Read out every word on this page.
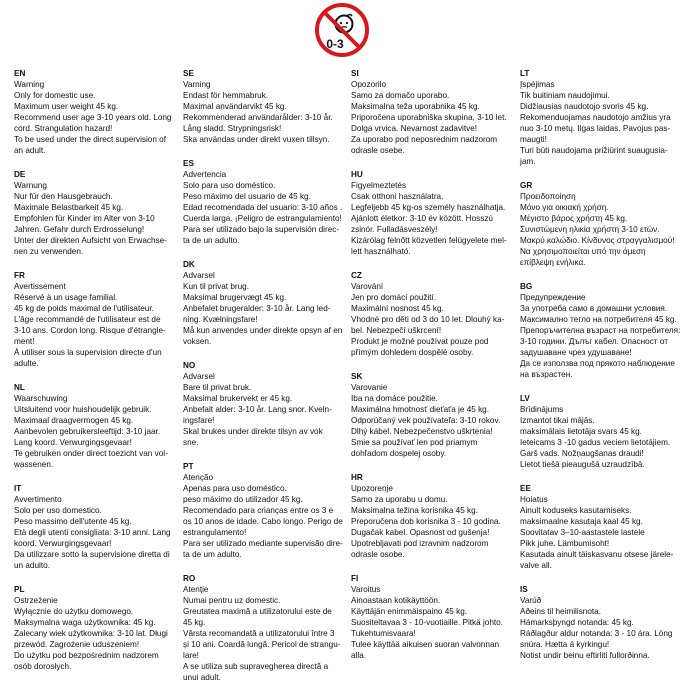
0-3
EN
Warning
Only for domestic use.
Maximum user weight 45 kg.
Recommend user age 3-10 years old. Long
cord. Strangulation hazard!
To be used under the direct supervision of
an adult.
DE
Warnung
Nur für den Hausgebrauch.
Maximale Belastbarkeit 45 kg.
Empfohlen für Kinder im Alter von 3-10
Jahren. Gefahr durch Erdrosselung!
Unter der direkten Aufsicht von Erwachse-
nen zu verwenden.
FR
Avertissement
Réservé à un usage familial.
45 kg de poids maximal de l'utilisateur.
L'âge recommandé de l'utilisateur est de
3-10 ans. Cordon long. Risque d'étrangle-
ment!
À utiliser sous la supervision directe d'un
adulte.
NL
Waarschuwing
Uitsluitend voor huishoudelijk gebruik.
Maximaal draagvermogen 45 kg.
Aanbevolen gebruikersleeftijd: 3-10 jaar.
Lang koord. Verwurgingsgevaar!
Te gebruiken onder direct toezicht van vol-
wassenen.
IT
Avvertimento
Solo per uso domestico.
Peso massimo dell'utente 45 kg.
Età degli utenti consigliata: 3-10 anni. Lang
koord. Verwurgingsgevaar!
Da utilizzare sotto la supervisione diretta di
un adulto.
PL
Ostrzeżenie
Wyłącznie do użytku domowego.
Maksymalna waga użytkownika: 45 kg.
Zalecany wiek użytkownika: 3-10 lat. Długi
przewód. Zagrożenie uduszeniem!
Do użytku pod bezpośrednim nadzorem
osób dorosłych.
SE
Varning
Endast för hemmabruk.
Maximal användarvikt 45 kg.
Rekommenderad användarålder: 3-10 år.
Lång sladd. Strypningsrisk!
Ska användas under direkt vuxen tillsyn.
ES
Advertencia
Solo para uso doméstico.
Peso máximo del usuario de 45 kg.
Edad recomendada del usuario: 3-10 años .
Cuerda larga. ¡Peligro de estrangulamiento!
Para ser utilizado bajo la supervisión direc-
ta de un adulto.
DK
Advarsel
Kun til privat brug.
Maksimal brugervægt 45 kg.
Anbefalet brugeralder: 3-10 år. Lang led-
ning. Kvælningsfare!
Må kun anvendes under direkte opsyn af en
voksen.
NO
Advarsel
Bare til privat bruk.
Maksimal brukervekt er 45 kg.
Anbefalt alder: 3-10 år. Lang snor. Kveln-
ingsfare!
Skal brukes under direkte tilsyn av vok
sne.
PT
Atenção
Apenas para uso doméstico.
peso máximo do utilizador 45 kg.
Recomendado para crianças entre os 3 e
os 10 anos de idade. Cabo longo. Perigo de
estrangulamento!
Para ser utilizado mediante supervisão dire-
ta de um adulto.
RO
Atenție
Numai pentru uz domestic.
Greutatea maximă a utilizatorului este de
45 kg.
Vârsta recomandată a utilizatorului între 3
și 10 ani. Coardă lungă. Pericol de strangu-
lare!
A se utiliza sub supravegherea directă a
unui adult.
SI
Opozorilo
Samo za domačo uporabo.
Maksimalna teža uporabnika 45 kg.
Priporočena uporabniška skupina, 3-10 let.
Dolga vrvica. Nevarnost zadavitve!
Za uporabo pod neposrednim nadzorom
odrasle osebe.
HU
Figyelmeztetés
Csak otthoni használatra.
Legfeljebb 45 kg-os személy használhatja.
Ajánlott életkor: 3-10 év között. Hosszú
zsinór. Fulladásveszély!
Kizárólag felnőtt közvetlen felügyelete mel-
lett használható.
CZ
Varování
Jen pro domácí použití.
Maximální nosnost 45 kg.
Vhodné pro děti od 3 do 10 let. Dlouhý ka-
bel. Nebezpečí uškrcení!
Produkt je možné používat pouze pod
přímým dohledem dospělé osoby.
SK
Varovanie
Iba na domáce použitie.
Maximálna hmotnosť dieťaťa je 45 kg.
Odporúčaný vek používateľa: 3-10 rokov.
Dlhý kábel. Nebezpečenstvo uškrtenia!
Smie sa používať len pod priamym
dohľadom dospelej osoby.
HR
Upozorenje
Samo za uporabu u domu.
Maksimalna težina korisnika 45 kg.
Preporučena dob korisnika 3 - 10 godina.
Dugačak kabel. Opasnost od gušenja!
Upotrebljavati pod izravnim nadzorom
odrasle osobe.
FI
Varoitus
Ainoastaan kotikäyttöön.
Käyttäjän enimmäispaino 45 kg.
Suositeltavaa 3 - 10-vuotiaille. Pitkä johto.
Tukehtumisvaara!
Tulee käyttää aikuisen suoran valvonnan
alla.
LT
Įspėjimas
Tik buitiniam naudojimui.
Didžiausias naudotojo svoris 45 kg.
Rekomenduojamas naudotojo amžius yra
nuo 3-10 metų. Ilgas laidas. Pavojus pas-
maugti!
Turi būti naudojama prižiūrint suaugusia-
jam.
GR
Προειδοποίηση
Μόνο για οικιακή χρήση.
Μέγιστο βάρος χρήστη 45 kg.
Συνιστώμενη ηλικία χρήστη 3-10 ετών.
Μακρύ καλώδιο. Κίνδυνος στραγγαλισμού!
Να χρησιμοποιείται υπό την άμεση
επίβλεψη ενήλικα.
BG
Предупреждение
За употреба само в домашни условия.
Максимално тегло на потребителя 45 kg.
Препоръчителна възраст на потребителя:
3-10 години. Дълъг кабел. Опасност от
задушаване чрез удушаване!
Да се използва под прякото наблюдение
на възрастен.
LV
Brīdinājums
Izmantot tikai mājās.
maksimālais lietotāja svars 45 kg.
Ieteicams 3 -10 gadus veciem lietotājiem.
Garš vads. Nožņaugšanas draudi!
Lietot tiešā pieaugušā uzraudzībā.
EE
Hoiatus
Ainult koduseks kasutamiseks.
maksimaalne kasutaja kaal 45 kg.
Soovitatav 3–10-aastastele lastele
Pikk juhe. Lämbumisoht!
Kasutada ainult täiskasvanu otsese järele-
valve all.
IS
Varúð
Aðeins til heimilisnota.
Hámarksþyngd notanda: 45 kg.
Ráðlagður aldur notanda: 3 - 10 ára. Löng
snúra. Hætta á kyrkingu!
Notist undir beinu eftirliti fullorðinna.
